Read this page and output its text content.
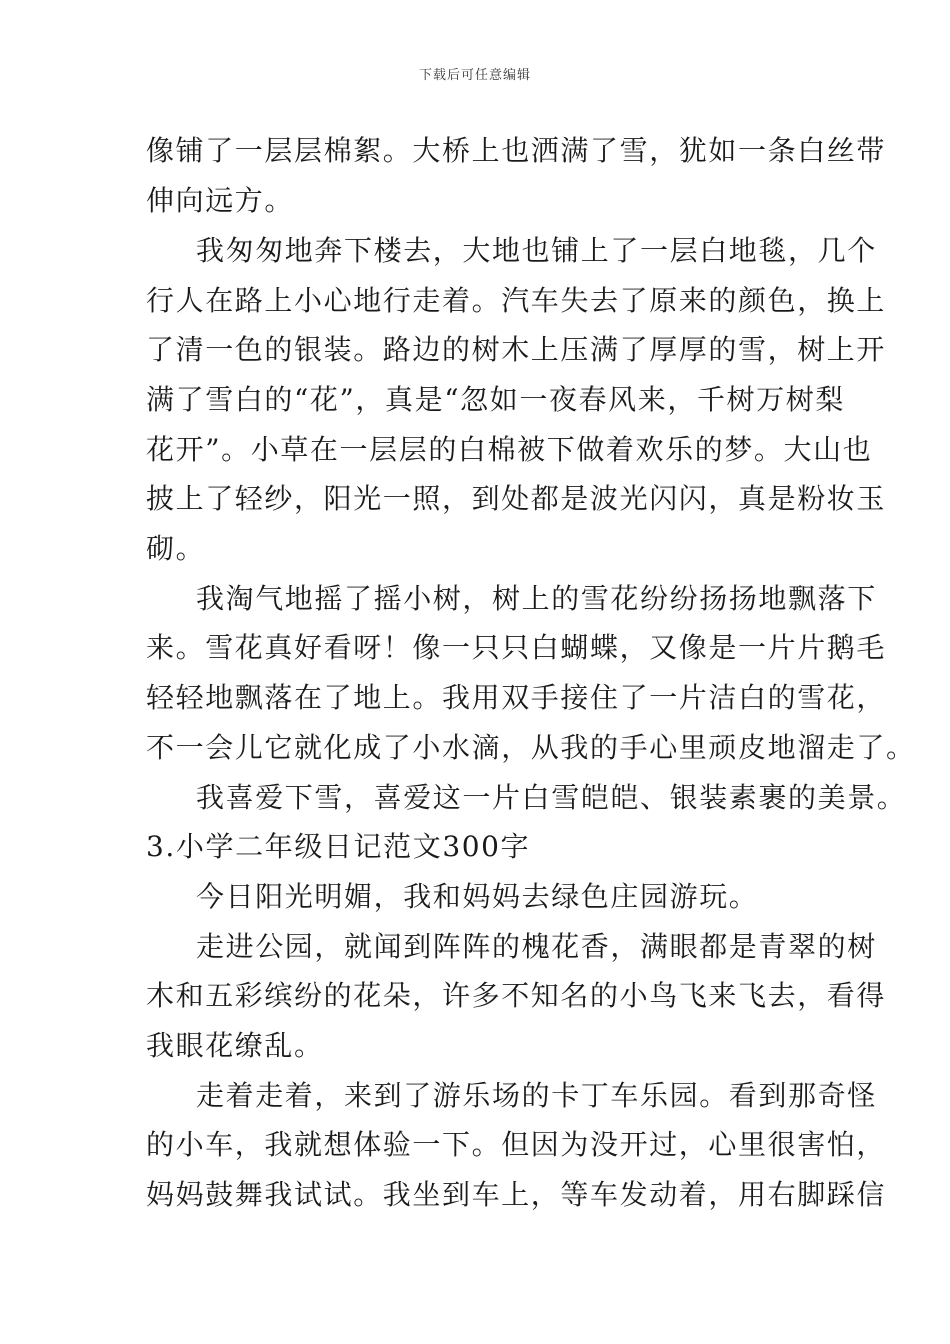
下载后可任意编辑
像铺了一层层棉絮。大桥上也洒满了雪，犹如一条白丝带
伸向远方。
我匆匆地奔下楼去，大地也铺上了一层白地毯，几个
行人在路上小心地行走着。汽车失去了原来的颜色，换上
了清一色的银装。路边的树木上压满了厚厚的雪，树上开
满了雪白的“花”，真是“忽如一夜春风来，千树万树梨
花开”。小草在一层层的白棉被下做着欢乐的梦。大山也
披上了轻纱，阳光一照，到处都是波光闪闪，真是粉妆玉
砌。
我淘气地摇了摇小树，树上的雪花纷纷扬扬地飘落下
来。雪花真好看呀！像一只只白蝴蝶，又像是一片片鹅毛
轻轻地飘落在了地上。我用双手接住了一片洁白的雪花，
不一会儿它就化成了小水滴，从我的手心里顽皮地溜走了。
我喜爱下雪，喜爱这一片白雪皑皑、银装素裹的美景。
3.小学二年级日记范文300字
今日阳光明媚，我和妈妈去绿色庄园游玩。
走进公园，就闻到阵阵的槐花香，满眼都是青翠的树
木和五彩缤纷的花朵，许多不知名的小鸟飞来飞去，看得
我眼花缭乱。
走着走着，来到了游乐场的卡丁车乐园。看到那奇怪
的小车，我就想体验一下。但因为没开过，心里很害怕，
妈妈鼓舞我试试。我坐到车上，等车发动着，用右脚踩信
